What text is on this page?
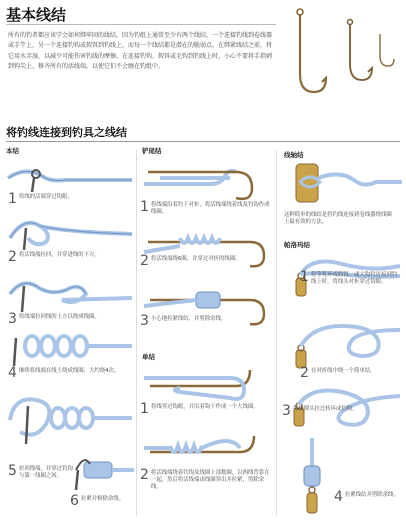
基本线结

所有的钓者都应该学会如何绑牢固的线结，因为钓组上通常至少有两个线结，一个连接钓线到卷线器或手竿上，另一个连接钓钩或假饵到钓线上。而每一个线结都是潜在的脆弱点。在绑紧线结之前，将它用水弄湿，以减少可能伤害钓线的摩擦。在连接钓钩、假饵或毛钩到钓线上时，小心不要将手指刺到钩尖上，修齐所有的活线端，以使它们不会缠在钓组中。

将钓线连接到钓具之线结
本结
1 将线的活端穿过钩眼。
2 将活线端拉回，并穿进线的下方。
3 将线端拉回线的上方以绕成线圈。
4 继续将线端在线上绕成线圈，大约绕4次。
5 拉回线端，并穿过钓钩与第一线圈之间。
6 拉紧并修除余线。
铲尾结
1 将线端沿着钓干对折，将活线端绕着线及钓钩作成线圈。
2 将活线端绕6圈，并穿过对折的线圈。
3 小心地拉紧线结，并剪除余线。
单结
1 将线穿过钩眼，并沿着钩干作成一个大线圈。
2 将活线端绕着钓钩及线圈上部数圈，以两线背靠在一起，然后将活线端由线圈穿出并拉紧，剪除余线。
线轴结
这种简单的线结是将钓线连接到卷线器绕线圈上最有效的方法。
帕洛玛结
1 将等将环成假饵、或大钩钓连接到钓线上时，将线头对折穿过钩眼。
2 在对折线中绕一个简单结。
3 将线圈头拉过转环或钓钩。
4 拉紧线结并剪除余线。
